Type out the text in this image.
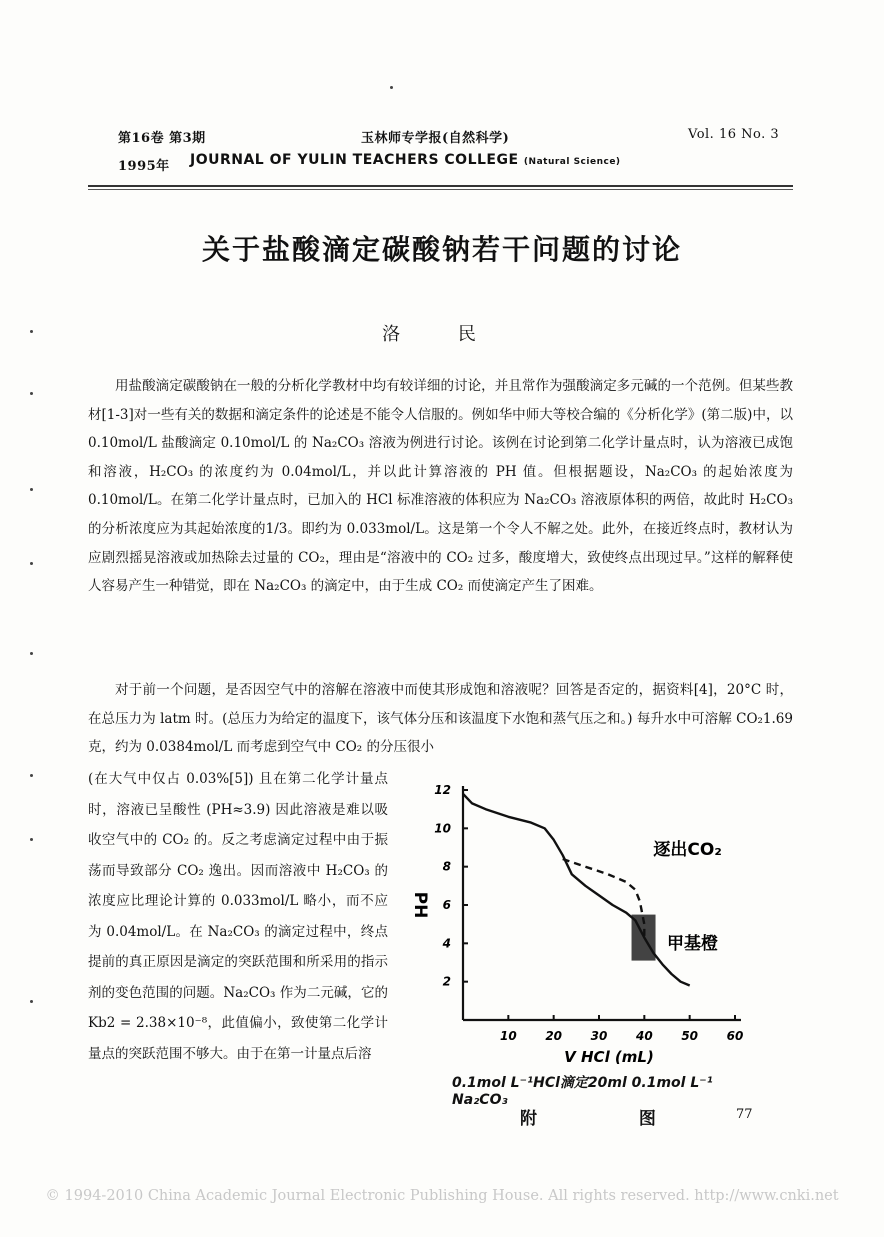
第16卷 第3期	玉林师专学报(自然科学)	Vol. 16 No. 3
1995年 JOURNAL OF YULIN TEACHERS COLLEGE (Natural Science)
关于盐酸滴定碳酸钠若干问题的讨论
洛 民

用盐酸滴定碳酸钠在一般的分析化学教材中均有较详细的讨论，并且常作为强酸滴定多元碱的一个范例。但某些教材[1-3]对一些有关的数据和滴定条件的论述是不能令人信服的。例如华中师大等校合编的《分析化学》(第二版)中，以 0.10mol/L 盐酸滴定 0.10mol/L 的 Na₂CO₃ 溶液为例进行讨论。该例在讨论到第二化学计量点时，认为溶液已成饱和溶液，H₂CO₃ 的浓度约为 0.04mol/L，并以此计算溶液的 PH 值。但根据题设，Na₂CO₃ 的起始浓度为 0.10mol/L。在第二化学计量点时，已加入的 HCl 标准溶液的体积应为 Na₂CO₃ 溶液原体积的两倍，故此时 H₂CO₃ 的分析浓度应为其起始浓度的1/3。即约为 0.033mol/L。这是第一个令人不解之处。此外，在接近终点时，教材认为应剧烈摇晃溶液或加热除去过量的 CO₂，理由是“溶液中的 CO₂ 过多，酸度增大，致使终点出现过早。”这样的解释使人容易产生一种错觉，即在 Na₂CO₃ 的滴定中，由于生成 CO₂ 而使滴定产生了困难。

对于前一个问题，是否因空气中的溶解在溶液中而使其形成饱和溶液呢？回答是否定的，据资料[4]，20°C 时，在总压力为 latm 时。(总压力为给定的温度下，该气体分压和该温度下水饱和蒸气压之和。) 每升水中可溶解 CO₂1.69 克，约为 0.0384mol/L 而考虑到空气中 CO₂ 的分压很小

(在大气中仅占 0.03%[5]) 且在第二化学计量点时，溶液已呈酸性 (PH≈3.9) 因此溶液是难以吸收空气中的 CO₂ 的。反之考虑滴定过程中由于振荡而导致部分 CO₂ 逸出。因而溶液中 H₂CO₃ 的浓度应比理论计算的 0.033mol/L 略小，而不应为 0.04mol/L。在 Na₂CO₃ 的滴定过程中，终点提前的真正原因是滴定的突跃范围和所采用的指示剂的变色范围的问题。Na₂CO₃ 作为二元碱，它的 Kb2 = 2.38×10⁻⁸，此值偏小，致使第二化学计量点的突跃范围不够大。由于在第一计量点后溶

10 20 30 40 50 60
2
4
6
8
10
12
PH
V HCl (mL)
逐出CO₂
甲基橙
0.1mol L⁻¹HCl滴定20ml 0.1mol L⁻¹ Na₂CO₃
附 图 77
© 1994-2010 China Academic Journal Electronic Publishing House. All rights reserved. http://www.cnki.net
